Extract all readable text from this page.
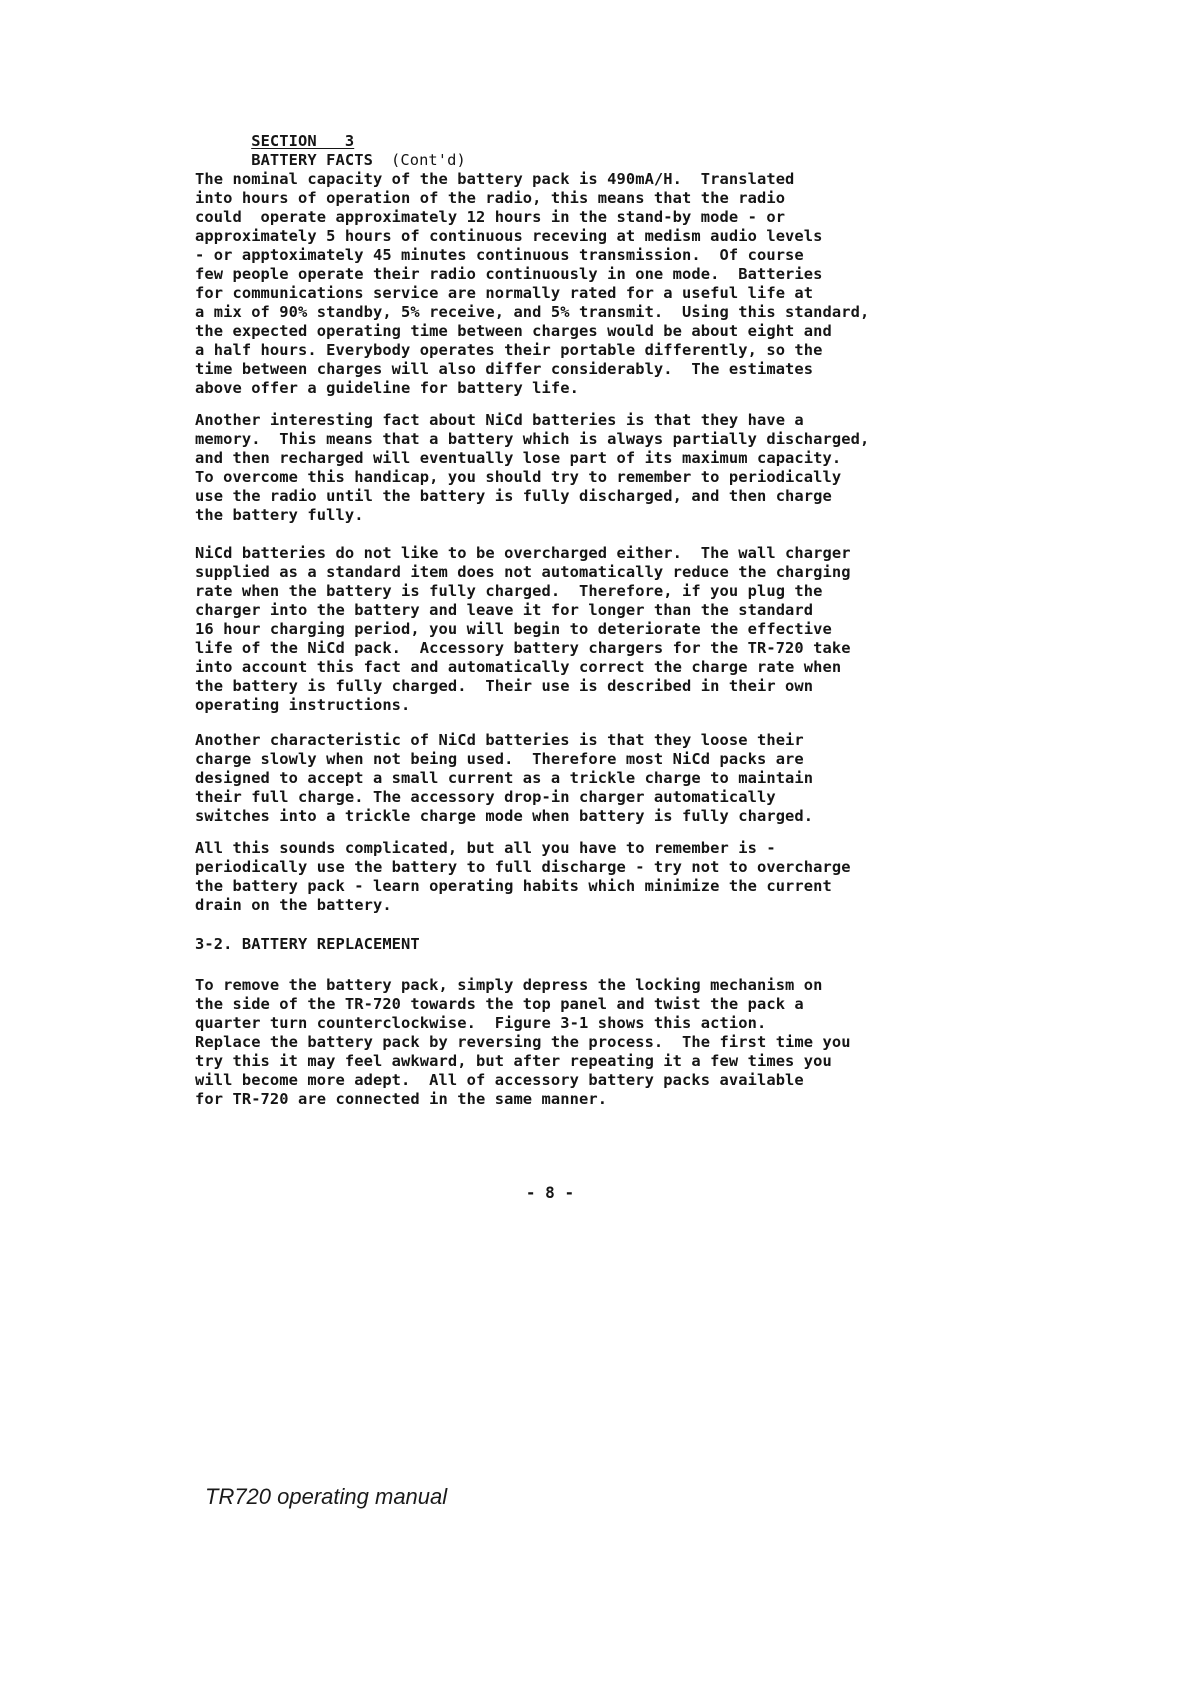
SECTION   3

BATTERY FACTS (Cont'd)

The nominal capacity of the battery pack is 490mA/H.  Translated
into hours of operation of the radio, this means that the radio
could  operate approximately 12 hours in the stand-by mode - or
approximately 5 hours of continuous receving at medism audio levels
- or apptoximately 45 minutes continuous transmission.  Of course
few people operate their radio continuously in one mode.  Batteries
for communications service are normally rated for a useful life at
a mix of 90% standby, 5% receive, and 5% transmit.  Using this standard,
the expected operating time between charges would be about eight and
a half hours. Everybody operates their portable differently, so the
time between charges will also differ considerably.  The estimates
above offer a guideline for battery life.
Another interesting fact about NiCd batteries is that they have a
memory.  This means that a battery which is always partially discharged,
and then recharged will eventually lose part of its maximum capacity.
To overcome this handicap, you should try to remember to periodically
use the radio until the battery is fully discharged, and then charge
the battery fully.
NiCd batteries do not like to be overcharged either.  The wall charger
supplied as a standard item does not automatically reduce the charging
rate when the battery is fully charged.  Therefore, if you plug the
charger into the battery and leave it for longer than the standard
16 hour charging period, you will begin to deteriorate the effective
life of the NiCd pack.  Accessory battery chargers for the TR-720 take
into account this fact and automatically correct the charge rate when
the battery is fully charged.  Their use is described in their own
operating instructions.
Another characteristic of NiCd batteries is that they loose their
charge slowly when not being used.  Therefore most NiCd packs are
designed to accept a small current as a trickle charge to maintain
their full charge. The accessory drop-in charger automatically
switches into a trickle charge mode when battery is fully charged.
All this sounds complicated, but all you have to remember is -
periodically use the battery to full discharge - try not to overcharge
the battery pack - learn operating habits which minimize the current
drain on the battery.
3-2. BATTERY REPLACEMENT
To remove the battery pack, simply depress the locking mechanism on
the side of the TR-720 towards the top panel and twist the pack a
quarter turn counterclockwise.  Figure 3-1 shows this action.
Replace the battery pack by reversing the process.  The first time you
try this it may feel awkward, but after repeating it a few times you
will become more adept.  All of accessory battery packs available
for TR-720 are connected in the same manner.
- 8 -
TR720 operating manual
